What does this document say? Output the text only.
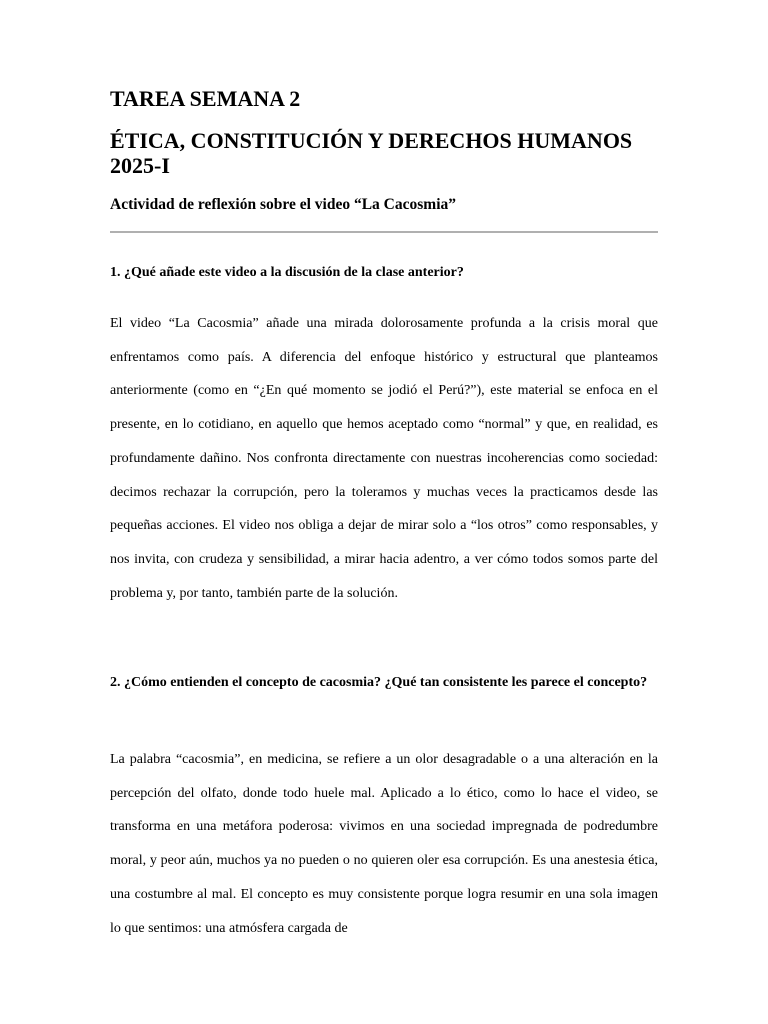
TAREA SEMANA 2
ÉTICA, CONSTITUCIÓN Y DERECHOS HUMANOS 2025-I
Actividad de reflexión sobre el video “La Cacosmia”

1. ¿Qué añade este video a la discusión de la clase anterior?

El video “La Cacosmia” añade una mirada dolorosamente profunda a la crisis moral que enfrentamos como país. A diferencia del enfoque histórico y estructural que planteamos anteriormente (como en “¿En qué momento se jodió el Perú?”), este material se enfoca en el presente, en lo cotidiano, en aquello que hemos aceptado como “normal” y que, en realidad, es profundamente dañino. Nos confronta directamente con nuestras incoherencias como sociedad: decimos rechazar la corrupción, pero la toleramos y muchas veces la practicamos desde las pequeñas acciones. El video nos obliga a dejar de mirar solo a “los otros” como responsables, y nos invita, con crudeza y sensibilidad, a mirar hacia adentro, a ver cómo todos somos parte del problema y, por tanto, también parte de la solución.

2. ¿Cómo entienden el concepto de cacosmia? ¿Qué tan consistente les parece el concepto?

La palabra “cacosmia”, en medicina, se refiere a un olor desagradable o a una alteración en la percepción del olfato, donde todo huele mal. Aplicado a lo ético, como lo hace el video, se transforma en una metáfora poderosa: vivimos en una sociedad impregnada de podredumbre moral, y peor aún, muchos ya no pueden o no quieren oler esa corrupción. Es una anestesia ética, una costumbre al mal. El concepto es muy consistente porque logra resumir en una sola imagen lo que sentimos: una atmósfera cargada de
